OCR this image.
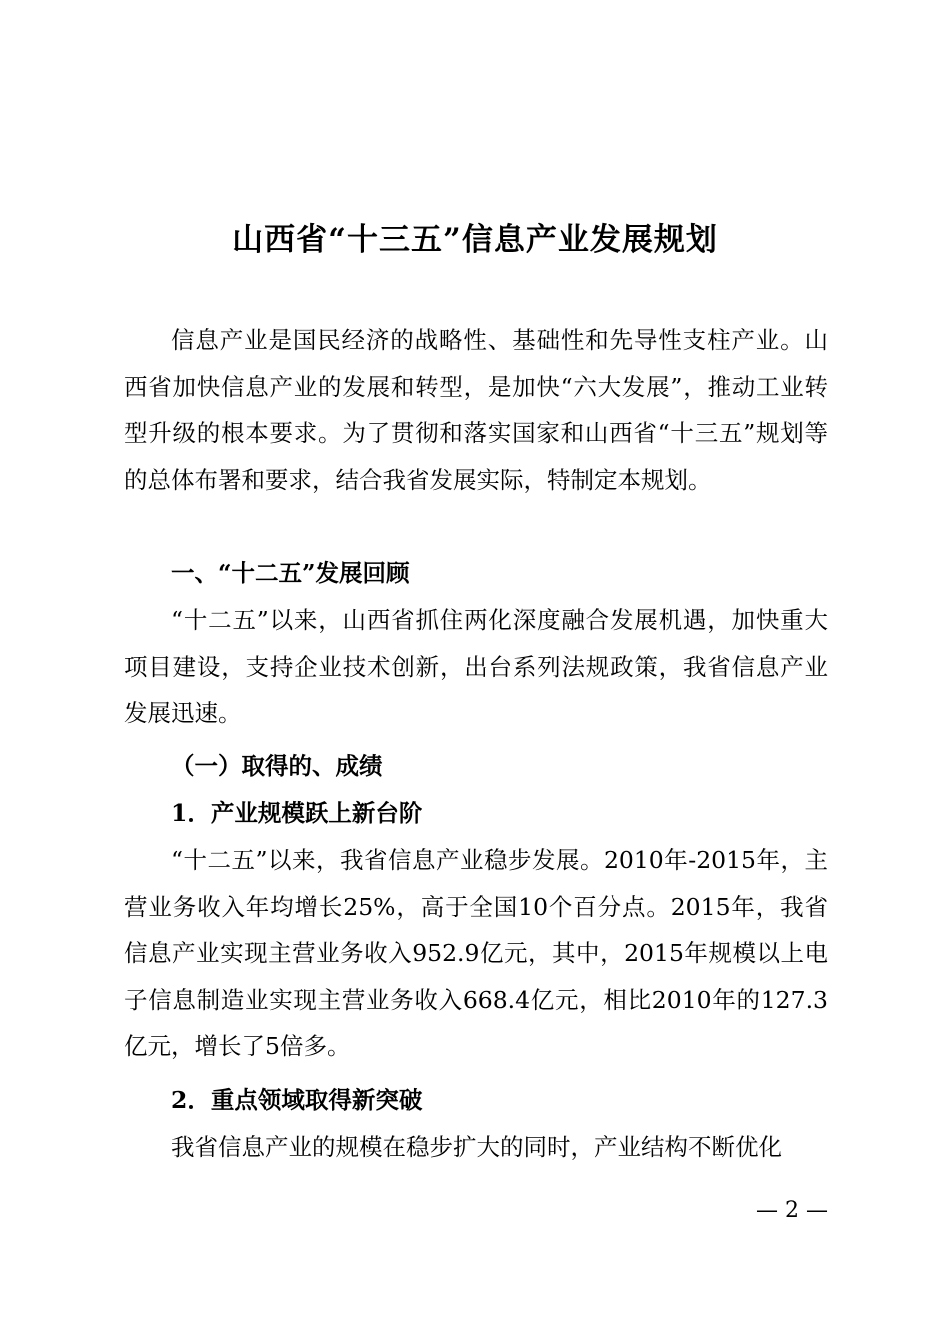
山西省“十三五”信息产业发展规划
信息产业是国民经济的战略性、基础性和先导性支柱产业。山西省加快信息产业的发展和转型，是加快“六大发展”，推动工业转型升级的根本要求。为了贯彻和落实国家和山西省“十三五”规划等的总体布署和要求，结合我省发展实际，特制定本规划。
一、“十二五”发展回顾
“十二五”以来，山西省抓住两化深度融合发展机遇，加快重大项目建设，支持企业技术创新，出台系列法规政策，我省信息产业发展迅速。
（一）取得的、成绩
1．产业规模跃上新台阶
“十二五”以来，我省信息产业稳步发展。2010年-2015年，主营业务收入年均增长25%，高于全国10个百分点。2015年，我省信息产业实现主营业务收入952.9亿元，其中，2015年规模以上电子信息制造业实现主营业务收入668.4亿元，相比2010年的127.3亿元，增长了5倍多。
2．重点领域取得新突破
我省信息产业的规模在稳步扩大的同时，产业结构不断优化
— 2 —
